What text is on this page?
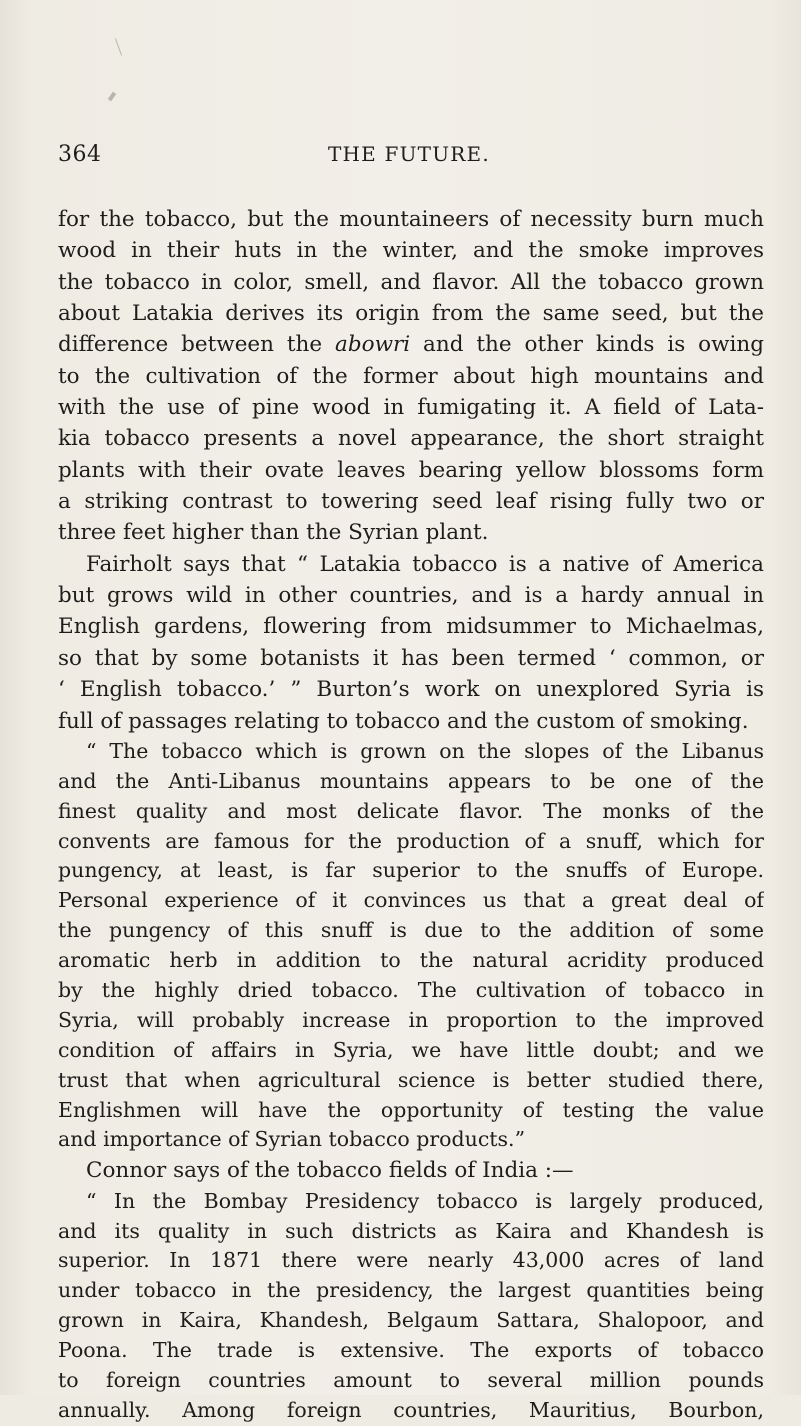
364	THE FUTURE.
for the tobacco, but the mountaineers of necessity burn much
wood in their huts in the winter, and the smoke improves
the tobacco in color, smell, and flavor. All the tobacco grown
about Latakia derives its origin from the same seed, but the
difference between the abowri and the other kinds is owing
to the cultivation of the former about high mountains and
with the use of pine wood in fumigating it. A field of Lata-
kia tobacco presents a novel appearance, the short straight
plants with their ovate leaves bearing yellow blossoms form
a striking contrast to towering seed leaf rising fully two or
three feet higher than the Syrian plant.
Fairholt says that “ Latakia tobacco is a native of America
but grows wild in other countries, and is a hardy annual in
English gardens, flowering from midsummer to Michaelmas,
so that by some botanists it has been termed ‘ common, or
‘ English tobacco.’ ” Burton’s work on unexplored Syria is
full of passages relating to tobacco and the custom of smoking.
“ The tobacco which is grown on the slopes of the Libanus
and the Anti-Libanus mountains appears to be one of the
finest quality and most delicate flavor. The monks of the
convents are famous for the production of a snuff, which for
pungency, at least, is far superior to the snuffs of Europe.
Personal experience of it convinces us that a great deal of
the pungency of this snuff is due to the addition of some
aromatic herb in addition to the natural acridity produced
by the highly dried tobacco. The cultivation of tobacco in
Syria, will probably increase in proportion to the improved
condition of affairs in Syria, we have little doubt; and we
trust that when agricultural science is better studied there,
Englishmen will have the opportunity of testing the value
and importance of Syrian tobacco products.”
Connor says of the tobacco fields of India :—
“ In the Bombay Presidency tobacco is largely produced,
and its quality in such districts as Kaira and Khandesh is
superior. In 1871 there were nearly 43,000 acres of land
under tobacco in the presidency, the largest quantities being
grown in Kaira, Khandesh, Belgaum Sattara, Shalopoor, and
Poona. The trade is extensive. The exports of tobacco
to foreign countries amount to several million pounds
annually. Among foreign countries, Mauritius, Bourbon,
